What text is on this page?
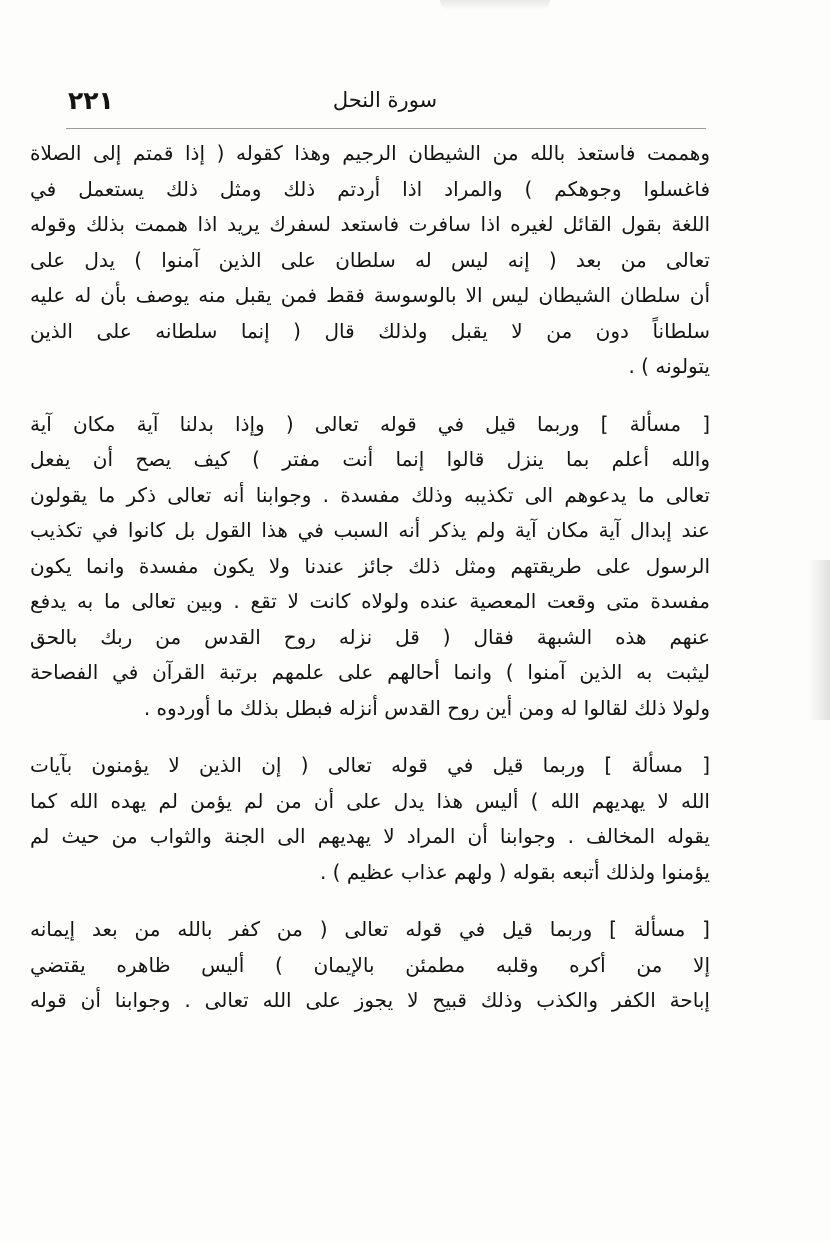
٢٢١	سورة النحل
وهممت فاستعذ بالله من الشيطان الرجيم وهذا كقوله ( إذا قمتم إلى الصلاة
فاغسلوا وجوهكم ) والمراد اذا أردتم ذلك ومثل ذلك يستعمل في
اللغة بقول القائل لغيره اذا سافرت فاستعد لسفرك يريد اذا هممت بذلك وقوله
تعالى من بعد ( إنه ليس له سلطان على الذين آمنوا ) يدل على
أن سلطان الشيطان ليس الا بالوسوسة فقط فمن يقبل منه يوصف بأن له عليه
سلطاناً دون من لا يقبل ولذلك قال ( إنما سلطانه على الذين
يتولونه ) .
[ مسألة ] وربما قيل في قوله تعالى ( وإذا بدلنا آية مكان آية
والله أعلم بما ينزل قالوا إنما أنت مفتر ) كيف يصح أن يفعل
تعالى ما يدعوهم الى تكذيبه وذلك مفسدة . وجوابنا أنه تعالى ذكر ما يقولون
عند إبدال آية مكان آية ولم يذكر أنه السبب في هذا القول بل كانوا في تكذيب
الرسول على طريقتهم ومثل ذلك جائز عندنا ولا يكون مفسدة وانما يكون
مفسدة متى وقعت المعصية عنده ولولاه كانت لا تقع . وبين تعالى ما به يدفع
عنهم هذه الشبهة فقال ( قل نزله روح القدس من ربك بالحق
ليثبت به الذين آمنوا ) وانما أحالهم على علمهم برتبة القرآن في الفصاحة
ولولا ذلك لقالوا له ومن أين روح القدس أنزله فبطل بذلك ما أوردوه .
[ مسألة ] وربما قيل في قوله تعالى ( إن الذين لا يؤمنون بآيات
الله لا يهديهم الله ) أليس هذا يدل على أن من لم يؤمن لم يهده الله كما
يقوله المخالف . وجوابنا أن المراد لا يهديهم الى الجنة والثواب من حيث لم
يؤمنوا ولذلك أتبعه بقوله ( ولهم عذاب عظيم ) .
[ مسألة ] وربما قيل في قوله تعالى ( من كفر بالله من بعد إيمانه
إلا من أكره وقلبه مطمئن بالإيمان ) أليس ظاهره يقتضي
إباحة الكفر والكذب وذلك قبيح لا يجوز على الله تعالى . وجوابنا أن قوله
